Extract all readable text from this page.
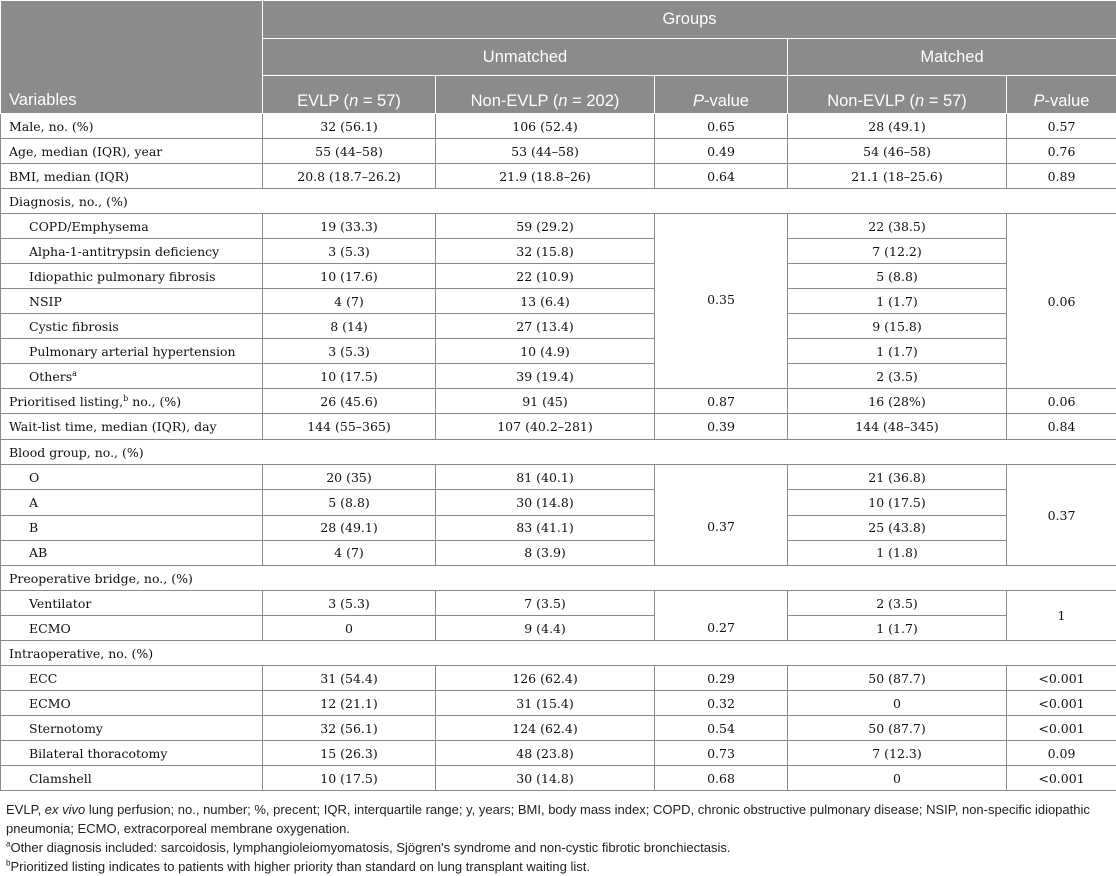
Variables	Groups				
	Unmatched			Matched	
	EVLP (n = 57)	Non-EVLP (n = 202)	P-value	Non-EVLP (n = 57)	P-value
Male, no. (%)	32 (56.1)	106 (52.4)	0.65	28 (49.1)	0.57
Age, median (IQR), year	55 (44–58)	53 (44–58)	0.49	54 (46–58)	0.76
BMI, median (IQR)	20.8 (18.7–26.2)	21.9 (18.8–26)	0.64	21.1 (18–25.6)	0.89
Diagnosis, no., (%)					
COPD/Emphysema	19 (33.3)	59 (29.2)	0.35	22 (38.5)	0.06
Alpha-1-antitrypsin deficiency	3 (5.3)	32 (15.8)		7 (12.2)	
Idiopathic pulmonary fibrosis	10 (17.6)	22 (10.9)		5 (8.8)	
NSIP	4 (7)	13 (6.4)		1 (1.7)	
Cystic fibrosis	8 (14)	27 (13.4)		9 (15.8)	
Pulmonary arterial hypertension	3 (5.3)	10 (4.9)		1 (1.7)	
Others$^a$	10 (17.5)	39 (19.4)		2 (3.5)	
Prioritised listing,$^b$ no., (%)	26 (45.6)	91 (45)	0.87	16 (28%)	0.06
Wait-list time, median (IQR), day	144 (55–365)	107 (40.2–281)	0.39	144 (48–345)	0.84
Blood group, no., (%)					
O	20 (35)	81 (40.1)	0.37	21 (36.8)	0.37
A	5 (8.8)	30 (14.8)		10 (17.5)	
B	28 (49.1)	83 (41.1)		25 (43.8)	
AB	4 (7)	8 (3.9)		1 (1.8)	
Preoperative bridge, no., (%)					
Ventilator	3 (5.3)	7 (3.5)	0.27	2 (3.5)	1
ECMO	0	9 (4.4)		1 (1.7)	
Intraoperative, no. (%)					
ECC	31 (54.4)	126 (62.4)	0.29	50 (87.7)	<0.001
ECMO	12 (21.1)	31 (15.4)	0.32	0	<0.001
Sternotomy	32 (56.1)	124 (62.4)	0.54	50 (87.7)	<0.001
Bilateral thoracotomy	15 (26.3)	48 (23.8)	0.73	7 (12.3)	0.09
Clamshell	10 (17.5)	30 (14.8)	0.68	0	<0.001

EVLP, ex vivo lung perfusion; no., number; %, precent; IQR, interquartile range; y, years; BMI, body mass index; COPD, chronic obstructive pulmonary disease; NSIP, non-specific idiopathic pneumonia; ECMO, extracorporeal membrane oxygenation.

$^a$Other diagnosis included: sarcoidosis, lymphangioleiomyomatosis, Sjögren's syndrome and non-cystic fibrotic bronchiectasis.

$^b$Prioritized listing indicates to patients with higher priority than standard on lung transplant waiting list.
